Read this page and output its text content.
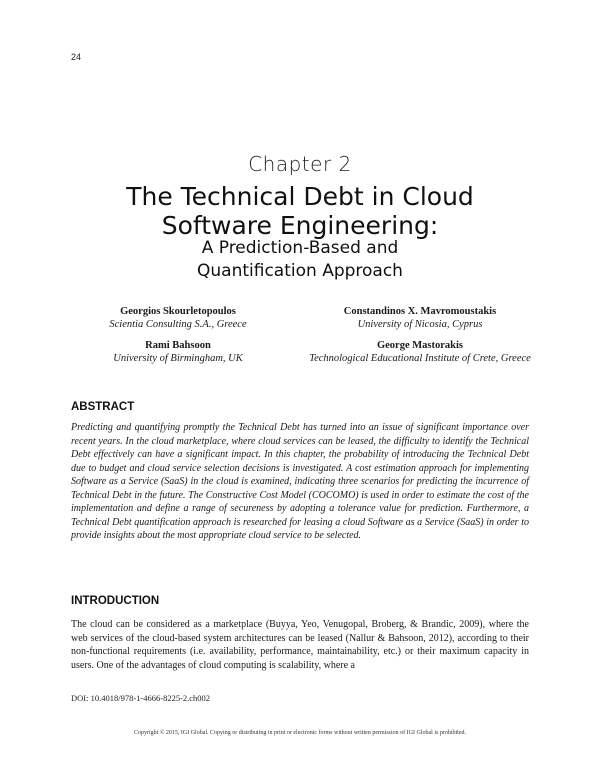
24
Chapter 2
The Technical Debt in Cloud
Software Engineering:
A Prediction-Based and
Quantification Approach
Georgios Skourletopoulos
Scientia Consulting S.A., Greece
Constandinos X. Mavromoustakis
University of Nicosia, Cyprus
Rami Bahsoon
University of Birmingham, UK
George Mastorakis
Technological Educational Institute of Crete, Greece
ABSTRACT
Predicting and quantifying promptly the Technical Debt has turned into an issue of significant importance over recent years. In the cloud marketplace, where cloud services can be leased, the difficulty to identify the Technical Debt effectively can have a significant impact. In this chapter, the probability of introducing the Technical Debt due to budget and cloud service selection decisions is investigated. A cost estimation approach for implementing Software as a Service (SaaS) in the cloud is examined, indicating three scenarios for predicting the incurrence of Technical Debt in the future. The Constructive Cost Model (COCOMO) is used in order to estimate the cost of the implementation and define a range of secureness by adopting a tolerance value for prediction. Furthermore, a Technical Debt quantification approach is researched for leasing a cloud Software as a Service (SaaS) in order to provide insights about the most appropriate cloud service to be selected.
INTRODUCTION
The cloud can be considered as a marketplace (Buyya, Yeo, Venugopal, Broberg, & Brandic, 2009), where the web services of the cloud-based system architectures can be leased (Nallur & Bahsoon, 2012), according to their non-functional requirements (i.e. availability, performance, maintainability, etc.) or their maximum capacity in users. One of the advantages of cloud computing is scalability, where a
DOI: 10.4018/978-1-4666-8225-2.ch002
Copyright © 2015, IGI Global. Copying or distributing in print or electronic forms without written permission of IGI Global is prohibited.
